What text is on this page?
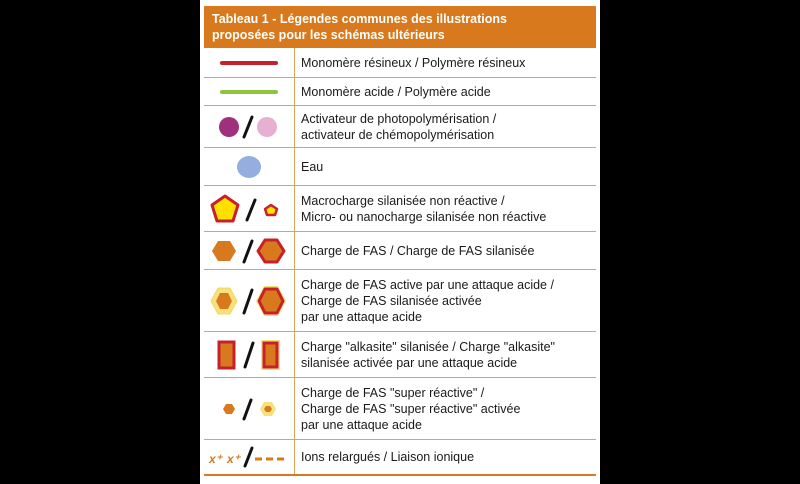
Tableau 1 - Légendes communes des illustrations
proposées pour les schémas ultérieurs
Monomère résineux / Polymère résineux
Monomère acide / Polymère acide
Activateur de photopolymérisation /
activateur de chémopolymérisation
Eau
Macrocharge silanisée non réactive /
Micro- ou nanocharge silanisée non réactive
Charge de FAS / Charge de FAS silanisée
Charge de FAS active par une attaque acide /
Charge de FAS silanisée activée
par une attaque acide
Charge "alkasite" silanisée / Charge "alkasite"
silanisée activée par une attaque acide
Charge de FAS "super réactive" /
Charge de FAS "super réactive" activée
par une attaque acide
x⁺ x⁺	Ions relargués / Liaison ionique
